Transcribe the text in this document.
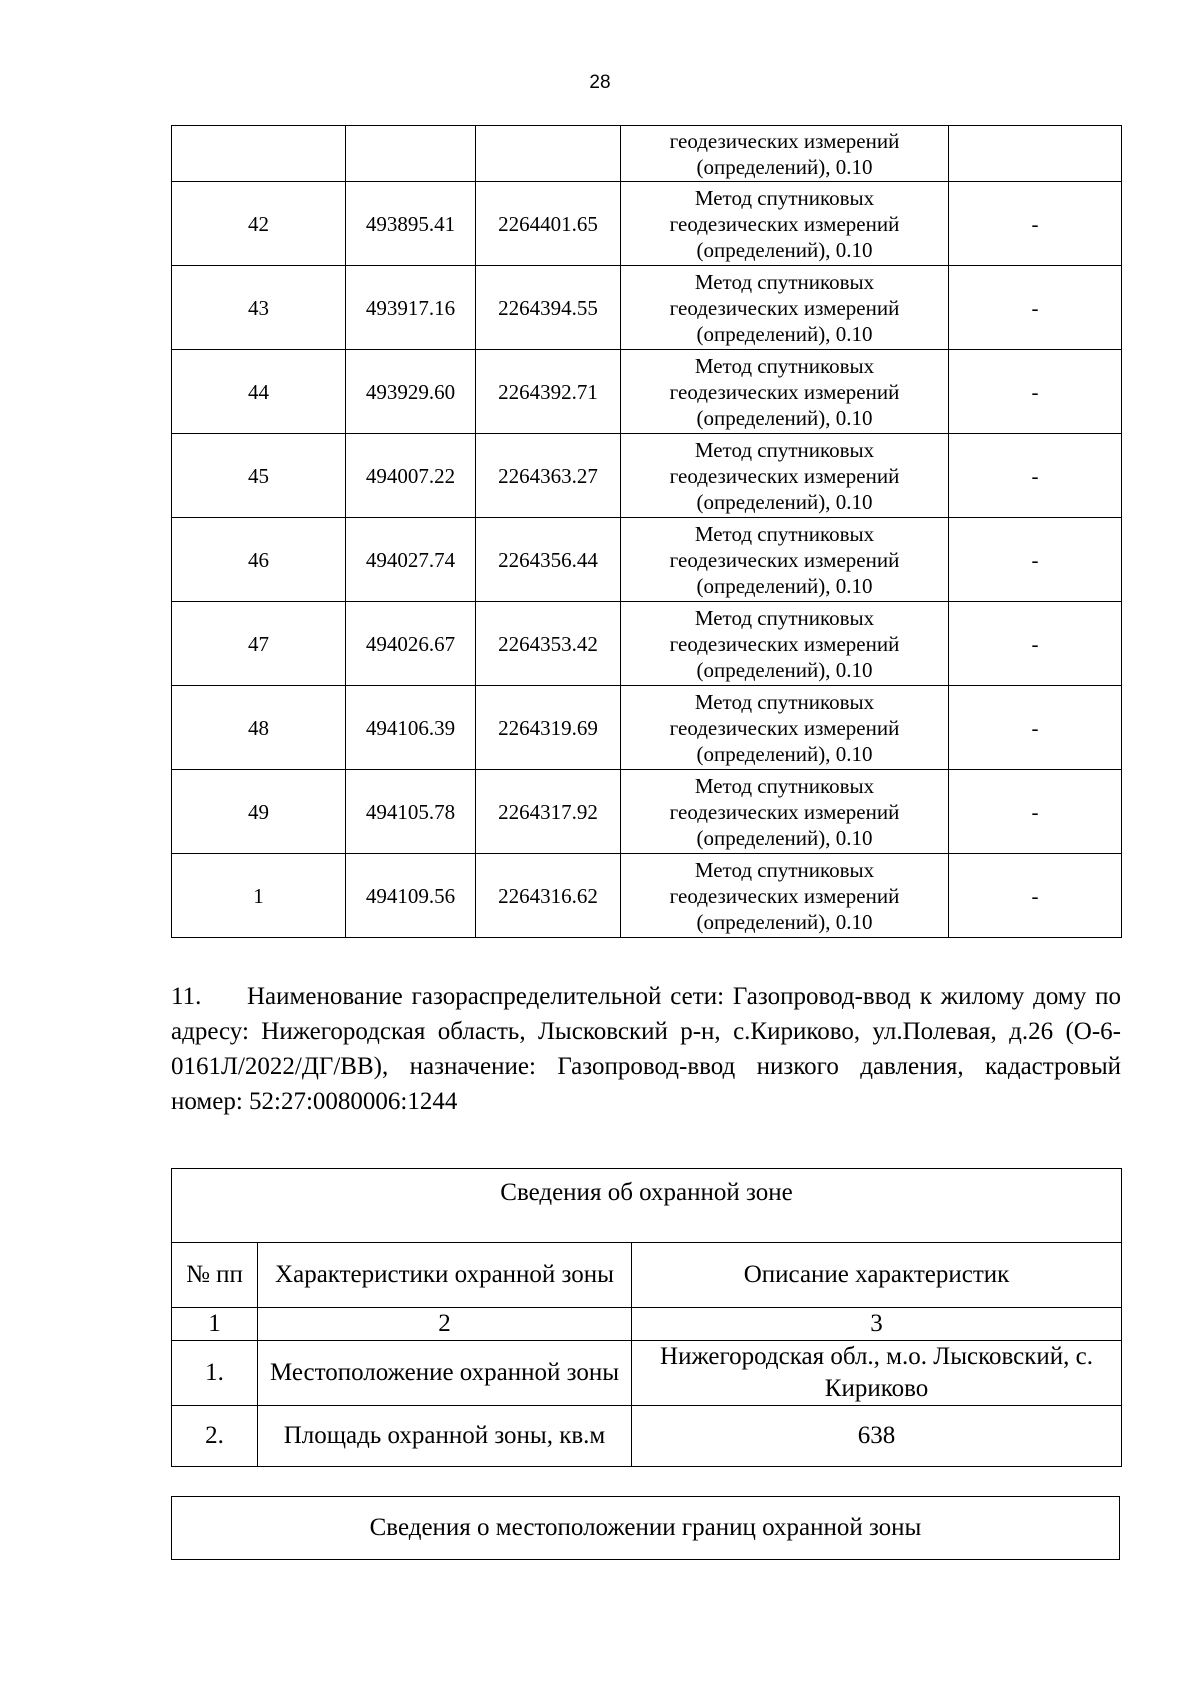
28

			геодезических измерений
(определений), 0.10	

42	493895.41	2264401.65	Метод спутниковых
геодезических измерений
(определений), 0.10	-
43	493917.16	2264394.55	Метод спутниковых
геодезических измерений
(определений), 0.10	-
44	493929.60	2264392.71	Метод спутниковых
геодезических измерений
(определений), 0.10	-
45	494007.22	2264363.27	Метод спутниковых
геодезических измерений
(определений), 0.10	-
46	494027.74	2264356.44	Метод спутниковых
геодезических измерений
(определений), 0.10	-
47	494026.67	2264353.42	Метод спутниковых
геодезических измерений
(определений), 0.10	-
48	494106.39	2264319.69	Метод спутниковых
геодезических измерений
(определений), 0.10	-
49	494105.78	2264317.92	Метод спутниковых
геодезических измерений
(определений), 0.10	-
1	494109.56	2264316.62	Метод спутниковых
геодезических измерений
(определений), 0.10	-
11. Наименование газораспределительной сети: Газопровод-ввод к жилому дому по адресу: Нижегородская область, Лысковский р-н, с.Кириково, ул.Полевая, д.26 (О-6-0161Л/2022/ДГ/ВВ), назначение: Газопровод-ввод низкого давления, кадастровый номер: 52:27:0080006:1244
Сведения об охранной зоне		
№ пп	Характеристики охранной зоны	Описание характеристик
1	2	3
1.	Местоположение охранной зоны	Нижегородская обл., м.о. Лысковский, с. Кириково
2.	Площадь охранной зоны, кв.м	638
Сведения о местоположении границ охранной зоны
